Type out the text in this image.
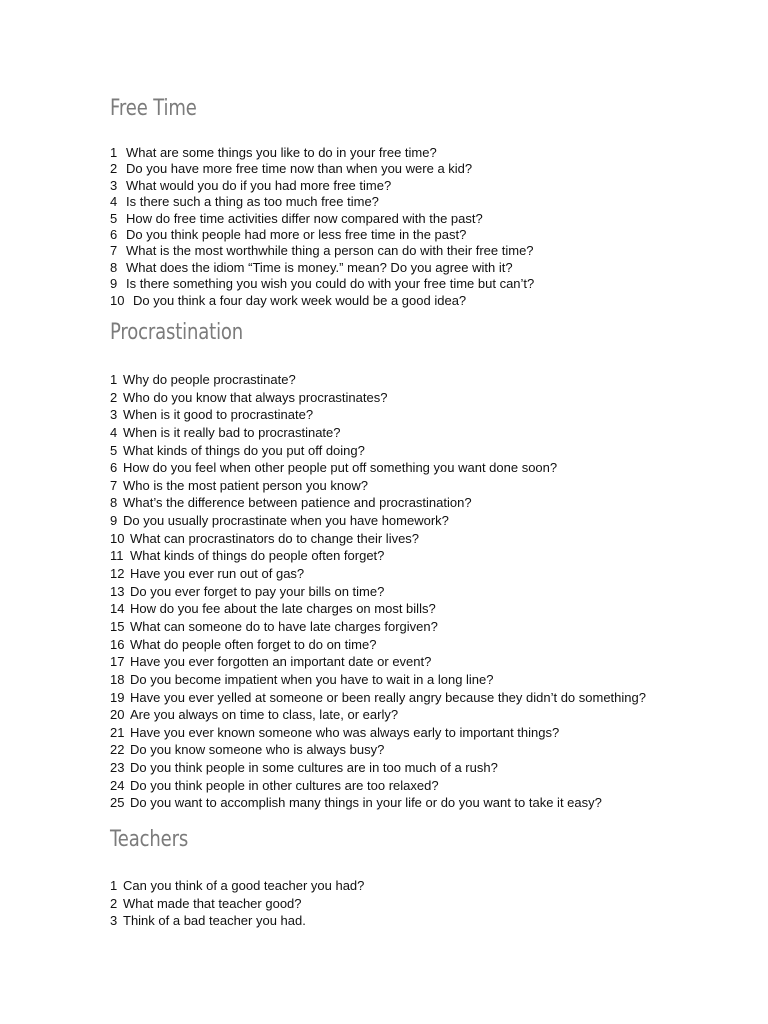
Free Time
1 What are some things you like to do in your free time?
2 Do you have more free time now than when you were a kid?
3 What would you do if you had more free time?
4 Is there such a thing as too much free time?
5 How do free time activities differ now compared with the past?
6 Do you think people had more or less free time in the past?
7 What is the most worthwhile thing a person can do with their free time?
8 What does the idiom “Time is money.” mean? Do you agree with it?
9 Is there something you wish you could do with your free time but can’t?
10 Do you think a four day work week would be a good idea?
Procrastination
1 Why do people procrastinate?
2 Who do you know that always procrastinates?
3 When is it good to procrastinate?
4 When is it really bad to procrastinate?
5 What kinds of things do you put off doing?
6 How do you feel when other people put off something you want done soon?
7 Who is the most patient person you know?
8 What’s the difference between patience and procrastination?
9 Do you usually procrastinate when you have homework?
10 What can procrastinators do to change their lives?
11 What kinds of things do people often forget?
12 Have you ever run out of gas?
13 Do you ever forget to pay your bills on time?
14 How do you fee about the late charges on most bills?
15 What can someone do to have late charges forgiven?
16 What do people often forget to do on time?
17 Have you ever forgotten an important date or event?
18 Do you become impatient when you have to wait in a long line?
19 Have you ever yelled at someone or been really angry because they didn’t do something?
20 Are you always on time to class, late, or early?
21 Have you ever known someone who was always early to important things?
22 Do you know someone who is always busy?
23 Do you think people in some cultures are in too much of a rush?
24 Do you think people in other cultures are too relaxed?
25 Do you want to accomplish many things in your life or do you want to take it easy?
Teachers
1 Can you think of a good teacher you had?
2 What made that teacher good?
3 Think of a bad teacher you had.
